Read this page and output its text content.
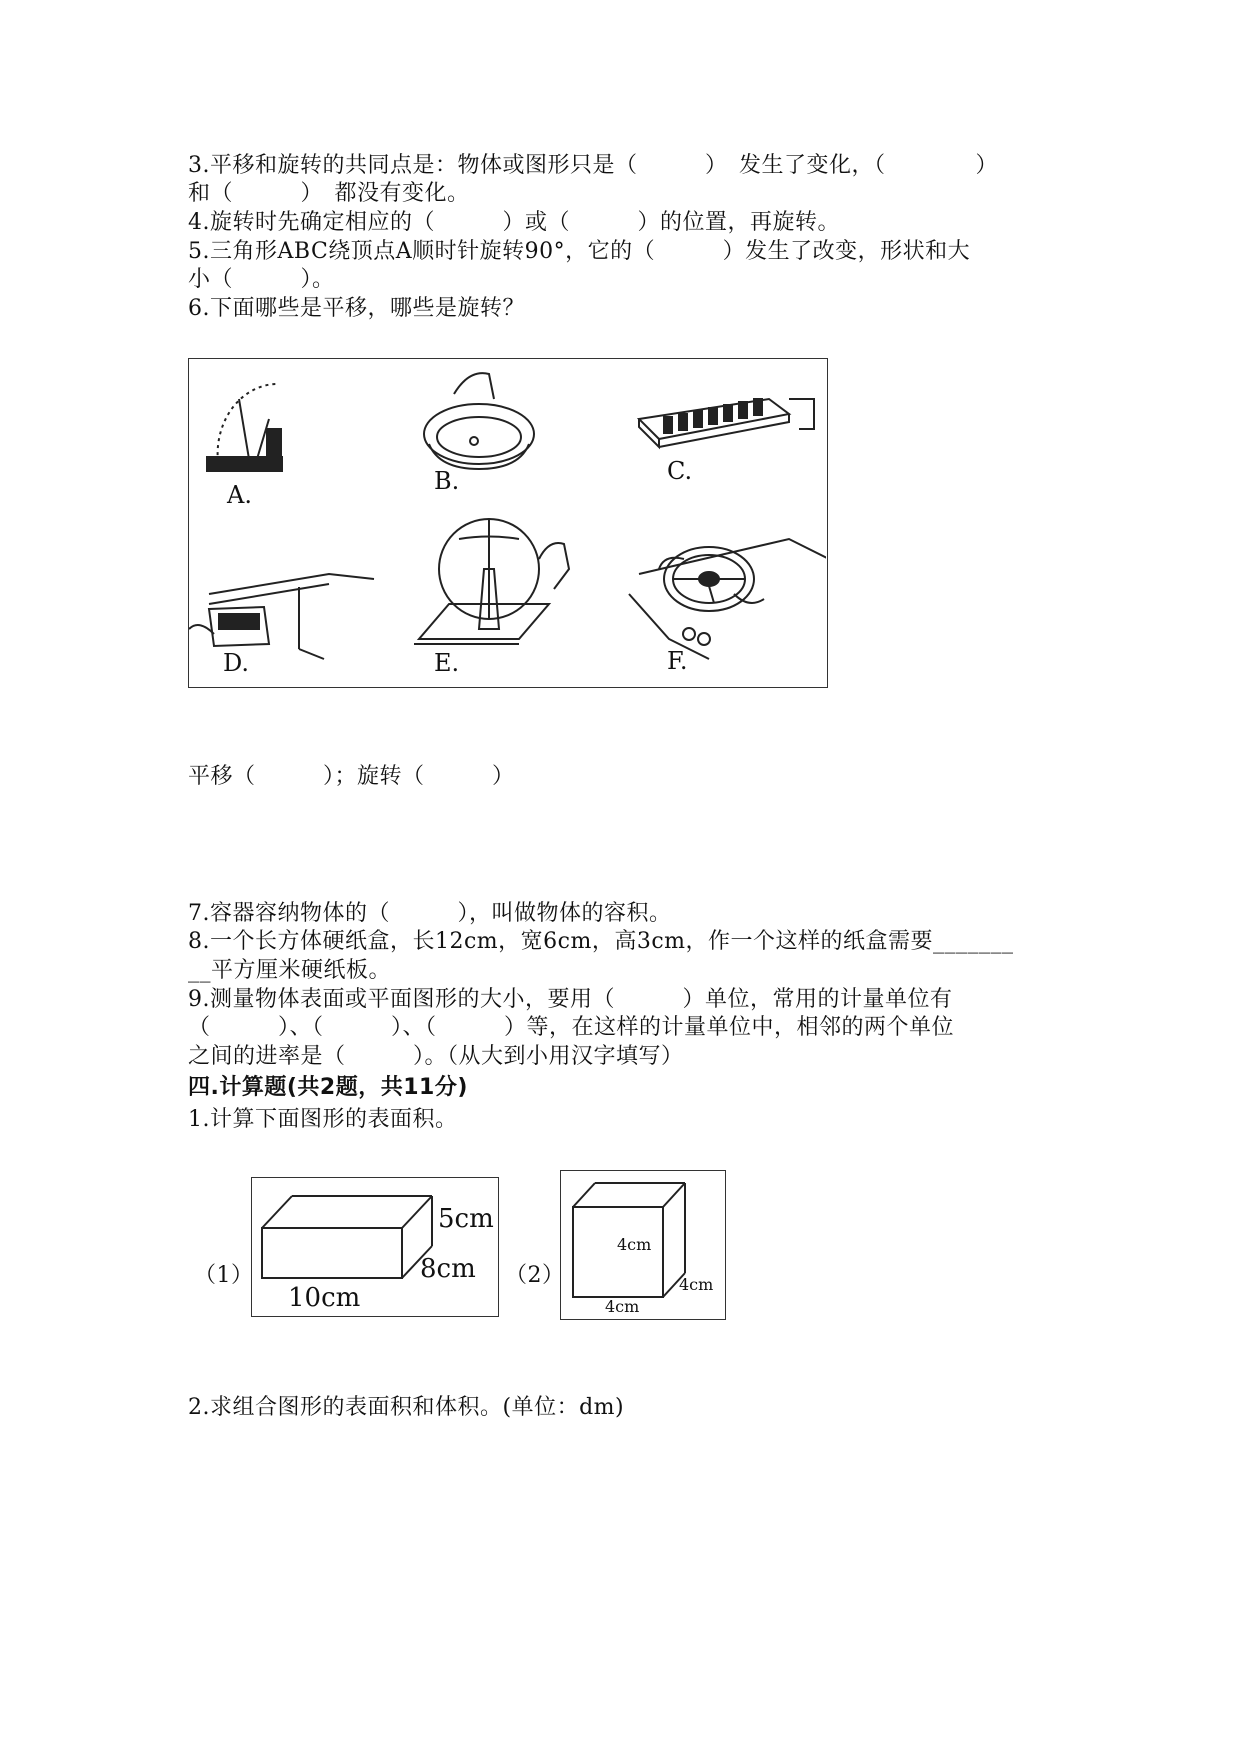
3.平移和旋转的共同点是：物体或图形只是（　　　）　发生了变化，（　　　　）
和（　　　）　都没有变化。
4.旋转时先确定相应的（　　　）或（　　　）的位置，再旋转。
5.三角形ABC绕顶点A顺时针旋转90°，它的（　　　）发生了改变，形状和大
小（　　　）。
6.下面哪些是平移，哪些是旋转？
A.	B.	C.
D.	E.	F.
平移（　　　）；旋转（　　　）
7.容器容纳物体的（　　　），叫做物体的容积。
8.一个长方体硬纸盒，长12cm，宽6cm，高3cm，作一个这样的纸盒需要_______
__平方厘米硬纸板。
9.测量物体表面或平面图形的大小，要用（　　　）单位，常用的计量单位有
（　　　）、（　　　）、（　　　）等，在这样的计量单位中，相邻的两个单位
之间的进率是（　　　）。（从大到小用汉字填写）
四.计算题(共2题，共11分)
1.计算下面图形的表面积。
（1）	（2）
5cm
8cm
10cm
4cm
4cm
4cm
2.求组合图形的表面积和体积。(单位：dm)
